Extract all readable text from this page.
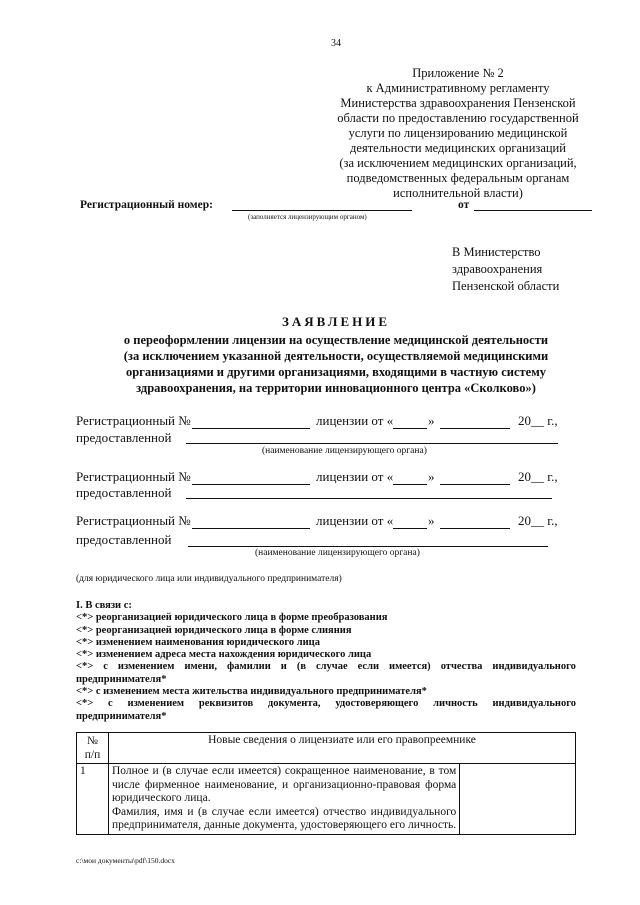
34
Приложение № 2
к Административному регламенту
Министерства здравоохранения Пензенской
области по предоставлению государственной
услуги по лицензированию медицинской
деятельности медицинских организаций
(за исключением медицинских организаций,
подведомственных федеральным органам
исполнительной власти)
Регистрационный номер:
(заполняется лицензирующим органом)
от
В Министерство
здравоохранения
Пензенской области
ЗАЯВЛЕНИЕ
о переоформлении лицензии на осуществление медицинской деятельности
(за исключением указанной деятельности, осуществляемой медицинскими
организациями и другими организациями, входящими в частную систему
здравоохранения, на территории инновационного центра «Сколково»)
Регистрационный №	лицензии от «	»	20__ г.,
предоставленной
(наименование лицензирующего органа)
Регистрационный №	лицензии от «	»	20__ г.,
предоставленной
Регистрационный №	лицензии от «	»	20__ г.,
предоставленной
(наименование лицензирующего органа)
(для юридического лица или индивидуального предпринимателя)
I. В связи с:
<*> реорганизацией юридического лица в форме преобразования
<*> реорганизацией юридического лица в форме слияния
<*> изменением наименования юридического лица
<*> изменением адреса места нахождения юридического лица
<*> с изменением имени, фамилии и (в случае если имеется) отчества индивидуального
предпринимателя*
<*> с изменением места жительства индивидуального предпринимателя*
<*> с изменением реквизитов документа, удостоверяющего личность индивидуального
предпринимателя*
№
п/п	Новые сведения о лицензиате или его правопреемнике	
1	Полное и (в случае если имеется) сокращенное наименование, в том числе фирменное наименование, и организационно-правовая форма юридического лица.
Фамилия, имя и (в случае если имеется) отчество индивидуального предпринимателя, данные документа, удостоверяющего его личность.	

c:\мои документы\pdf\150.docx
